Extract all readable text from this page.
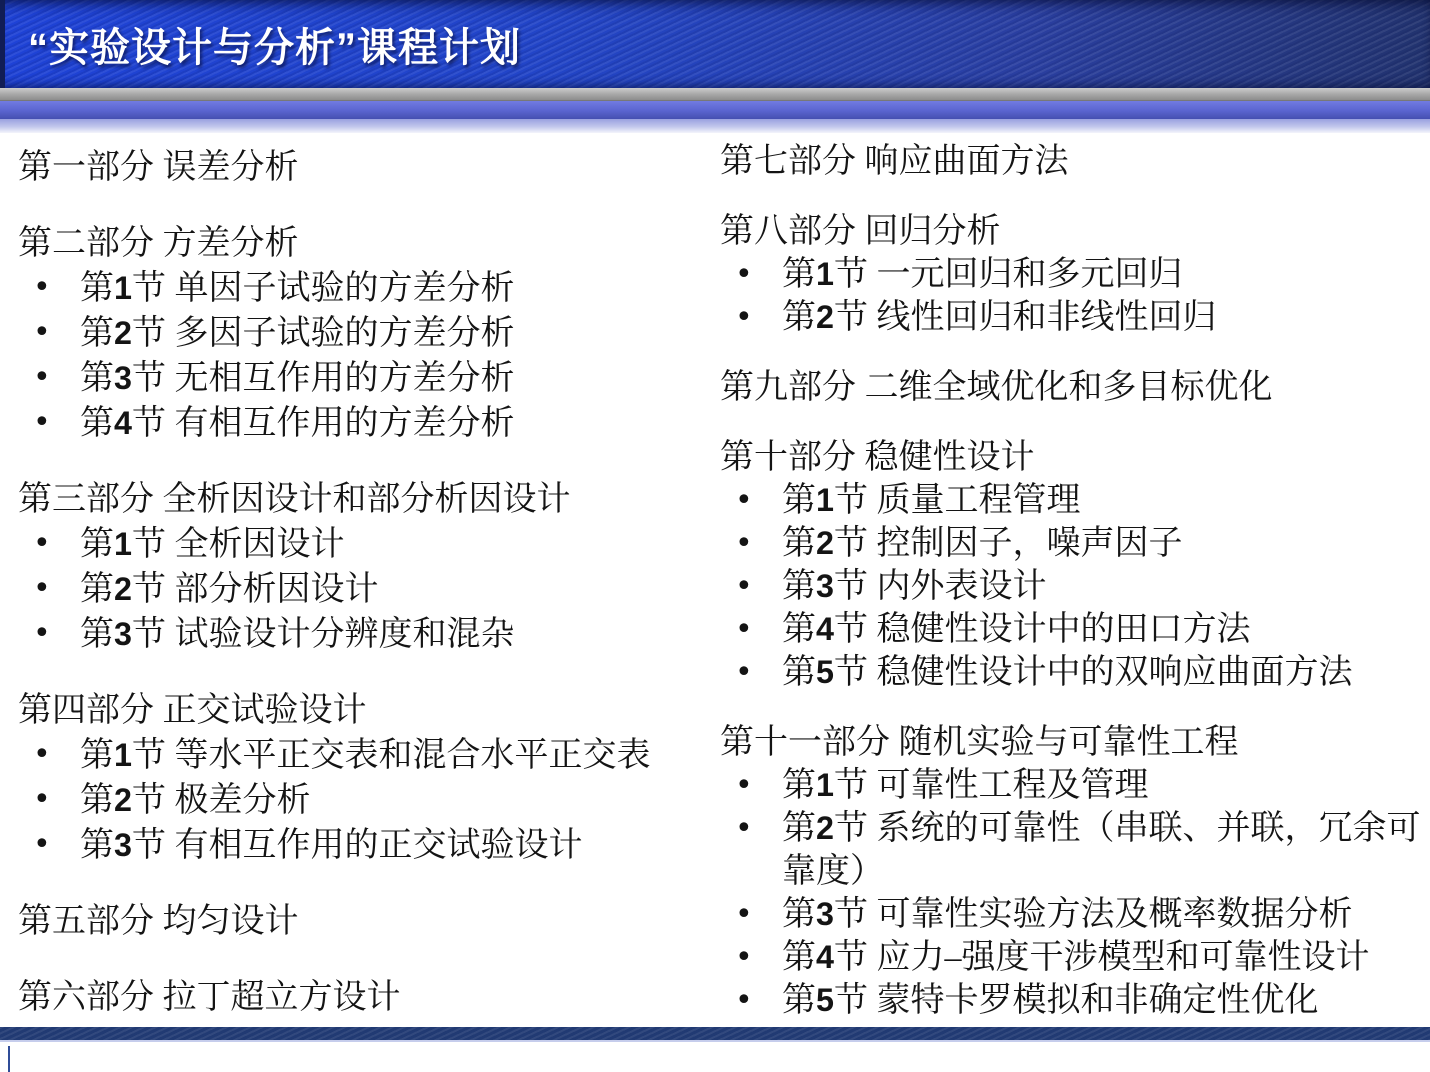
“实验设计与分析”课程计划
第一部分 误差分析
第二部分 方差分析
• 第1节 单因子试验的方差分析
• 第2节 多因子试验的方差分析
• 第3节 无相互作用的方差分析
• 第4节 有相互作用的方差分析
第三部分 全析因设计和部分析因设计
• 第1节 全析因设计
• 第2节 部分析因设计
• 第3节 试验设计分辨度和混杂
第四部分 正交试验设计
• 第1节 等水平正交表和混合水平正交表
• 第2节 极差分析
• 第3节 有相互作用的正交试验设计
第五部分 均匀设计
第六部分 拉丁超立方设计
第七部分 响应曲面方法
第八部分 回归分析
• 第1节 一元回归和多元回归
• 第2节 线性回归和非线性回归
第九部分 二维全域优化和多目标优化
第十部分 稳健性设计
• 第1节 质量工程管理
• 第2节 控制因子，噪声因子
• 第3节 内外表设计
• 第4节 稳健性设计中的田口方法
• 第5节 稳健性设计中的双响应曲面方法
第十一部分 随机实验与可靠性工程
• 第1节 可靠性工程及管理
• 第2节 系统的可靠性（串联、并联，冗余可靠度）
• 第3节 可靠性实验方法及概率数据分析
• 第4节 应力–强度干涉模型和可靠性设计
• 第5节 蒙特卡罗模拟和非确定性优化
